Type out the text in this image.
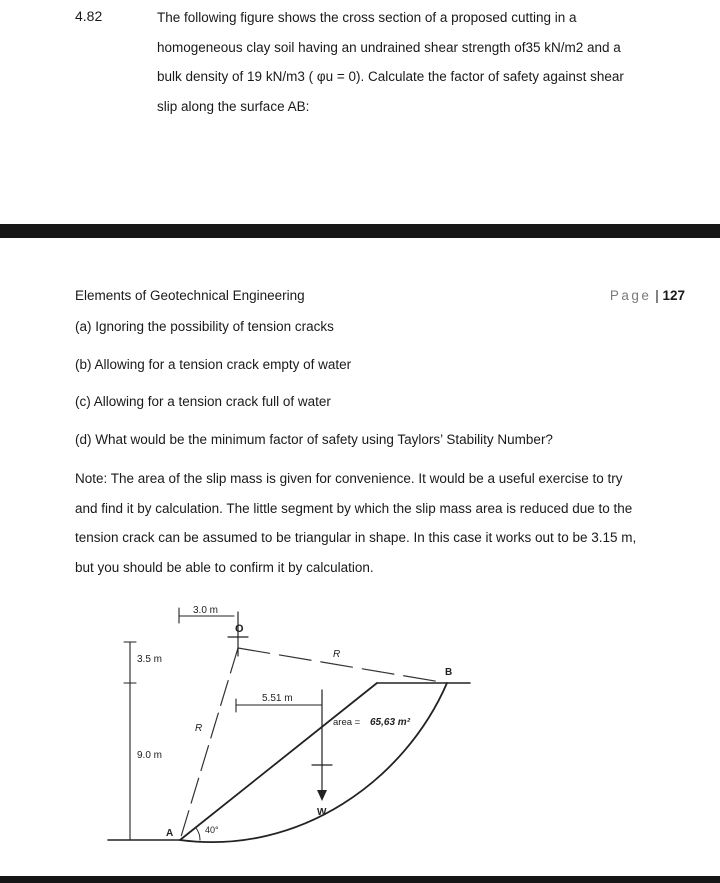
4.82	The following figure shows the cross section of a proposed cutting in a

homogeneous clay soil having an undrained shear strength of35 kN/m2 and a

bulk density of 19 kN/m3 ( φu = 0). Calculate the factor of safety against shear

slip along the surface AB:

Elements of Geotechnical Engineering	Page | 127
(a) Ignoring the possibility of tension cracks
(b) Allowing for a tension crack empty of water
(c) Allowing for a tension crack full of water
(d) What would be the minimum factor of safety using Taylors’ Stability Number?
Note: The area of the slip mass is given for convenience. It would be a useful exercise to try
and find it by calculation. The little segment by which the slip mass area is reduced due to the
tension crack can be assumed to be triangular in shape. In this case it works out to be 3.15 m,
but you should be able to confirm it by calculation.
O
3.0 m
3.5 m
9.0 m
5.51 m
W
R
R
B
A
area = 65,63 m²
40°
